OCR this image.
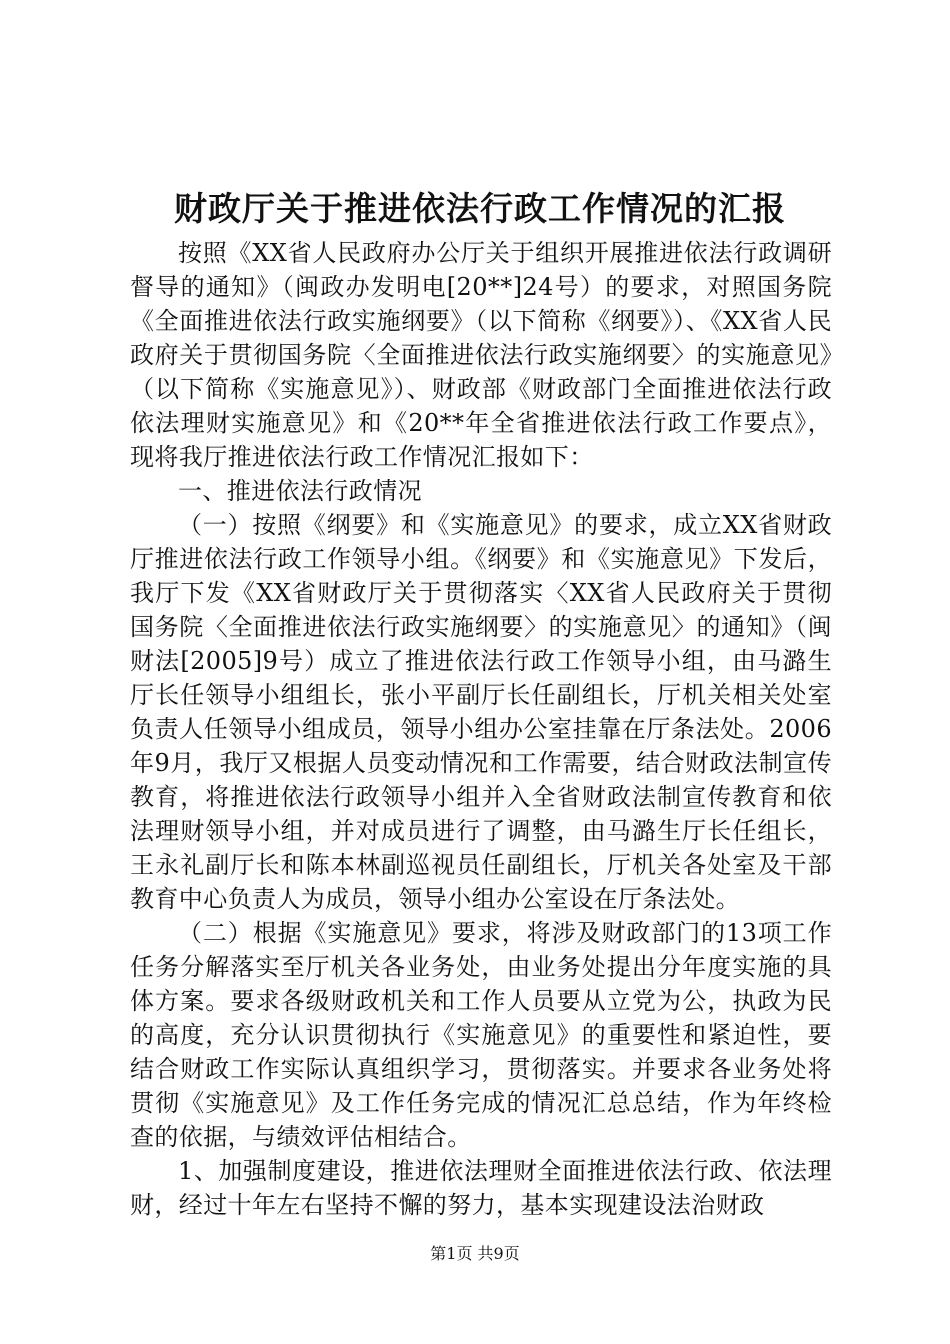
财政厅关于推进依法行政工作情况的汇报

按照《XX省人民政府办公厅关于组织开展推进依法行政调研督导的通知》（闽政办发明电[20**]24号）的要求，对照国务院《全面推进依法行政实施纲要》（以下简称《纲要》）、《XX省人民政府关于贯彻国务院〈全面推进依法行政实施纲要〉的实施意见》（以下简称《实施意见》）、财政部《财政部门全面推进依法行政依法理财实施意见》和《20**年全省推进依法行政工作要点》，现将我厅推进依法行政工作情况汇报如下：

一、推进依法行政情况

（一）按照《纲要》和《实施意见》的要求，成立XX省财政厅推进依法行政工作领导小组。《纲要》和《实施意见》下发后，我厅下发《XX省财政厅关于贯彻落实〈XX省人民政府关于贯彻国务院〈全面推进依法行政实施纲要〉的实施意见〉的通知》（闽财法[2005]9号）成立了推进依法行政工作领导小组，由马潞生厅长任领导小组组长，张小平副厅长任副组长，厅机关相关处室负责人任领导小组成员，领导小组办公室挂靠在厅条法处。2006年9月，我厅又根据人员变动情况和工作需要，结合财政法制宣传教育，将推进依法行政领导小组并入全省财政法制宣传教育和依法理财领导小组，并对成员进行了调整，由马潞生厅长任组长，王永礼副厅长和陈本林副巡视员任副组长，厅机关各处室及干部教育中心负责人为成员，领导小组办公室设在厅条法处。

（二）根据《实施意见》要求，将涉及财政部门的13项工作任务分解落实至厅机关各业务处，由业务处提出分年度实施的具体方案。要求各级财政机关和工作人员要从立党为公，执政为民的高度，充分认识贯彻执行《实施意见》的重要性和紧迫性，要结合财政工作实际认真组织学习，贯彻落实。并要求各业务处将贯彻《实施意见》及工作任务完成的情况汇总总结，作为年终检查的依据，与绩效评估相结合。

1、加强制度建设，推进依法理财全面推进依法行政、依法理财，经过十年左右坚持不懈的努力，基本实现建设法治财政

第1页 共9页
